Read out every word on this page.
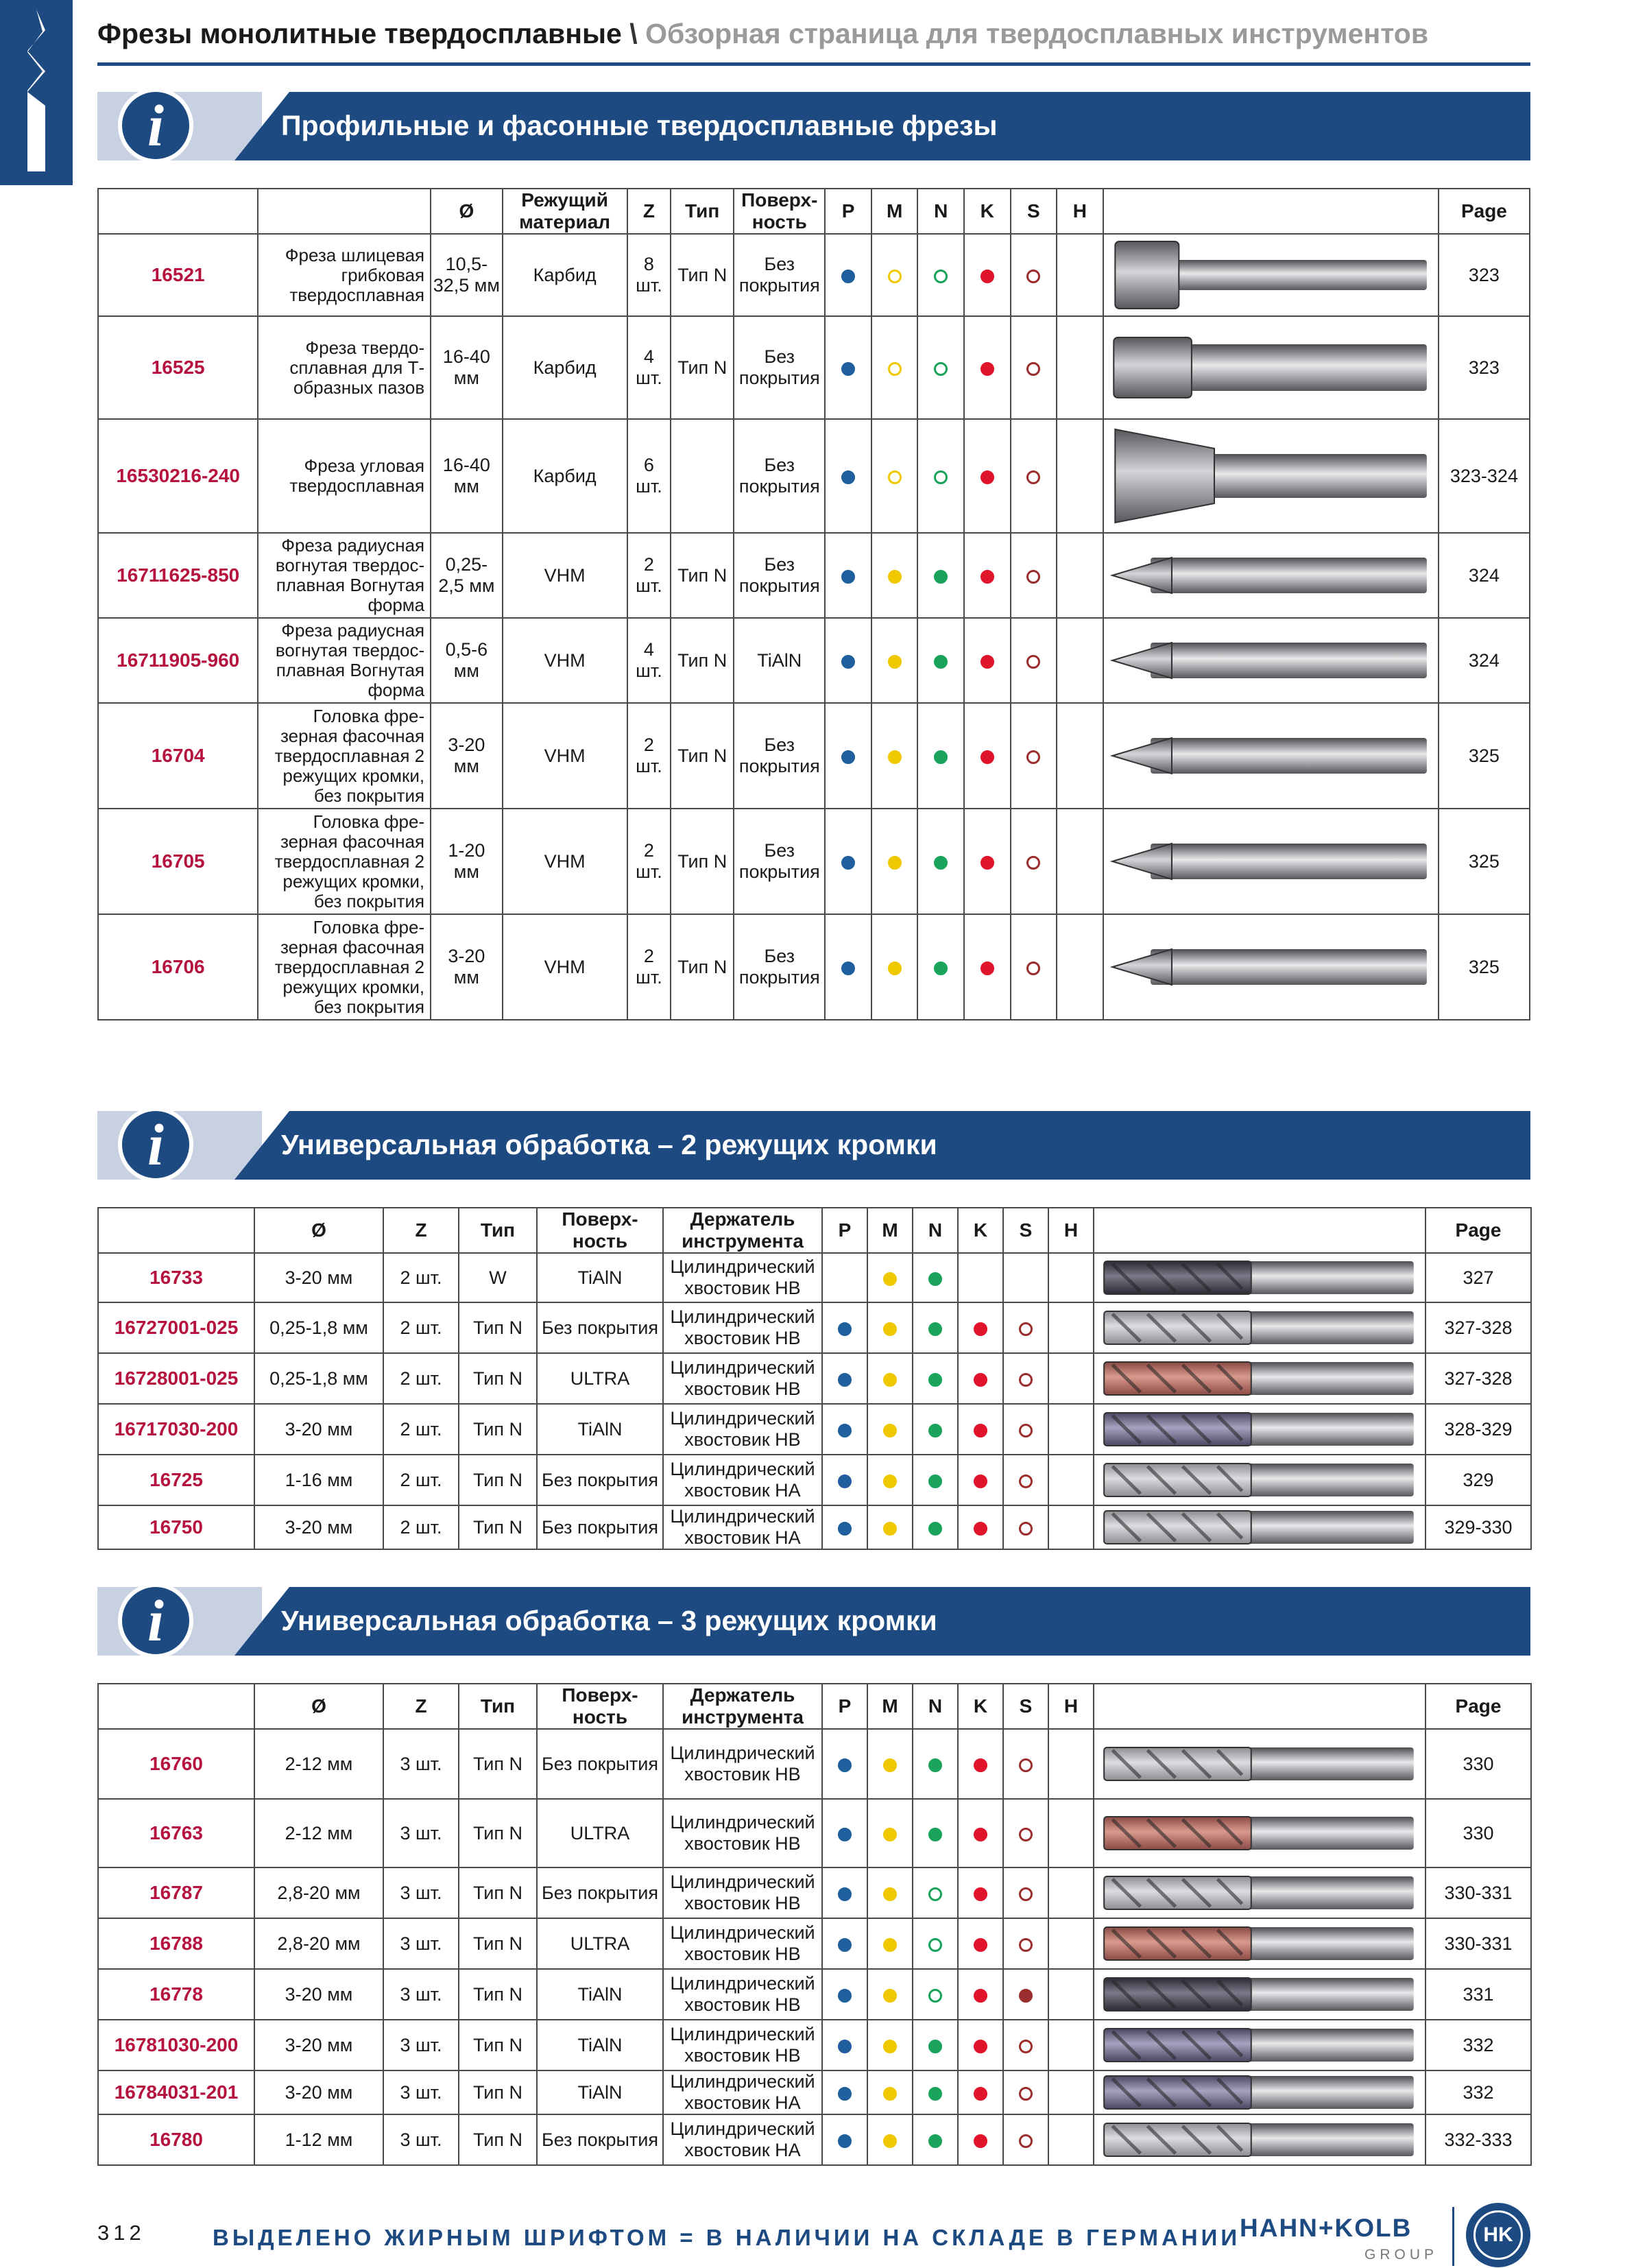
Фрезы монолитные твердосплавные \ Обзорная страница для твердосплавных инструментов
i	Профильные и фасонные твердосплавные фрезы
		Ø	Режущий материал	Z	Тип	Поверх- ность	P	M	N	K	S	H		Page
16521	Фреза шлицевая грибковая твердосплавная	10,5- 32,5 мм	Карбид	8 шт.	Тип N	Без покрытия								323
16525	Фреза твердо- сплавная для Т-образных пазов	16-40 мм	Карбид	4 шт.	Тип N	Без покрытия								323
16530216-240	Фреза угловая твердосплавная	16-40 мм	Карбид	6 шт.		Без покрытия								323-324
16711625-850	Фреза радиусная вогнутая твердос- плавная Вогнутая форма	0,25- 2,5 мм	VHM	2 шт.	Тип N	Без покрытия								324
16711905-960	Фреза радиусная вогнутая твердос- плавная Вогнутая форма	0,5-6 мм	VHM	4 шт.	Тип N	TiAlN								324
16704	Головка фре- зерная фасочная твердосплавная 2 режущих кромки, без покрытия	3-20 мм	VHM	2 шт.	Тип N	Без покрытия								325
16705	Головка фре- зерная фасочная твердосплавная 2 режущих кромки, без покрытия	1-20 мм	VHM	2 шт.	Тип N	Без покрытия								325
16706	Головка фре- зерная фасочная твердосплавная 2 режущих кромки, без покрытия	3-20 мм	VHM	2 шт.	Тип N	Без покрытия								325
i	Универсальная обработка – 2 режущих кромки
	Ø	Z	Тип	Поверх- ность	Держатель инструмента	P	M	N	K	S	H		Page
16733	3-20 мм	2 шт.	W	TiAlN	Цилиндрический хвостовик HB								327
16727001-025	0,25-1,8 мм	2 шт.	Тип N	Без покрытия	Цилиндрический хвостовик HB								327-328
16728001-025	0,25-1,8 мм	2 шт.	Тип N	ULTRA	Цилиндрический хвостовик HB								327-328
16717030-200	3-20 мм	2 шт.	Тип N	TiAlN	Цилиндрический хвостовик HB								328-329
16725	1-16 мм	2 шт.	Тип N	Без покрытия	Цилиндрический хвостовик HA								329
16750	3-20 мм	2 шт.	Тип N	Без покрытия	Цилиндрический хвостовик HA								329-330
i	Универсальная обработка – 3 режущих кромки
	Ø	Z	Тип	Поверх- ность	Держатель инструмента	P	M	N	K	S	H		Page
16760	2-12 мм	3 шт.	Тип N	Без покрытия	Цилиндрический хвостовик HB								330
16763	2-12 мм	3 шт.	Тип N	ULTRA	Цилиндрический хвостовик HB								330
16787	2,8-20 мм	3 шт.	Тип N	Без покрытия	Цилиндрический хвостовик HB								330-331
16788	2,8-20 мм	3 шт.	Тип N	ULTRA	Цилиндрический хвостовик HB								330-331
16778	3-20 мм	3 шт.	Тип N	TiAlN	Цилиндрический хвостовик HB								331
16781030-200	3-20 мм	3 шт.	Тип N	TiAlN	Цилиндрический хвостовик HB								332
16784031-201	3-20 мм	3 шт.	Тип N	TiAlN	Цилиндрический хвостовик HA								332
16780	1-12 мм	3 шт.	Тип N	Без покрытия	Цилиндрический хвостовик HA								332-333
312	ВЫДЕЛЕНО ЖИРНЫМ ШРИФТОМ = В НАЛИЧИИ НА СКЛАДЕ В ГЕРМАНИИ
HAHN+KOLB
GROUP
HK
